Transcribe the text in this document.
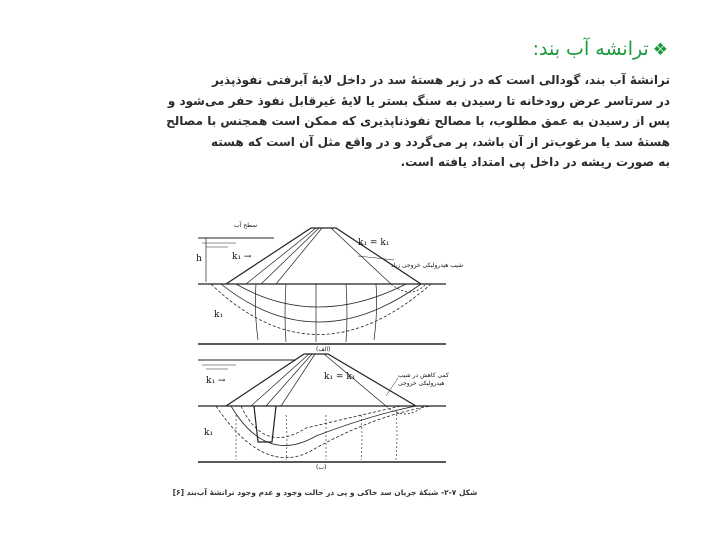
❖ترانشه آب بند:
ترانشهٔ آب بند، گودالی است که در زیر هستهٔ سد در داخل لایهٔ آبرفتی نفوذپذیر
در سرتاسر عرض رودخانه تا رسیدن به سنگ بستر یا لایهٔ غیرقابل نفوذ حفر می‌شود و
پس از رسیدن به عمق مطلوب، با مصالح نفوذناپذیری که ممکن است همجنس با مصالح
هستهٔ سد یا مرغوب‌تر از آن باشد، پر می‌گردد و در واقع مثل آن است که هسته
به صورت ریشه در داخل پی امتداد یافته است.
سطح آب
h	k₁ →
k₁ = k₁
شیب هیدرولیکی خروجی زیاد
k₁
(الف)
k₁ →	k₁ = k₁	کمی کاهش در شیب
هیدرولیکی خروجی
k₁
(ب)
شکل ۷-۲- شبکهٔ جریان سد خاکی و پی در حالت وجود و عدم وجود ترانشهٔ آب‌بند [۶]
